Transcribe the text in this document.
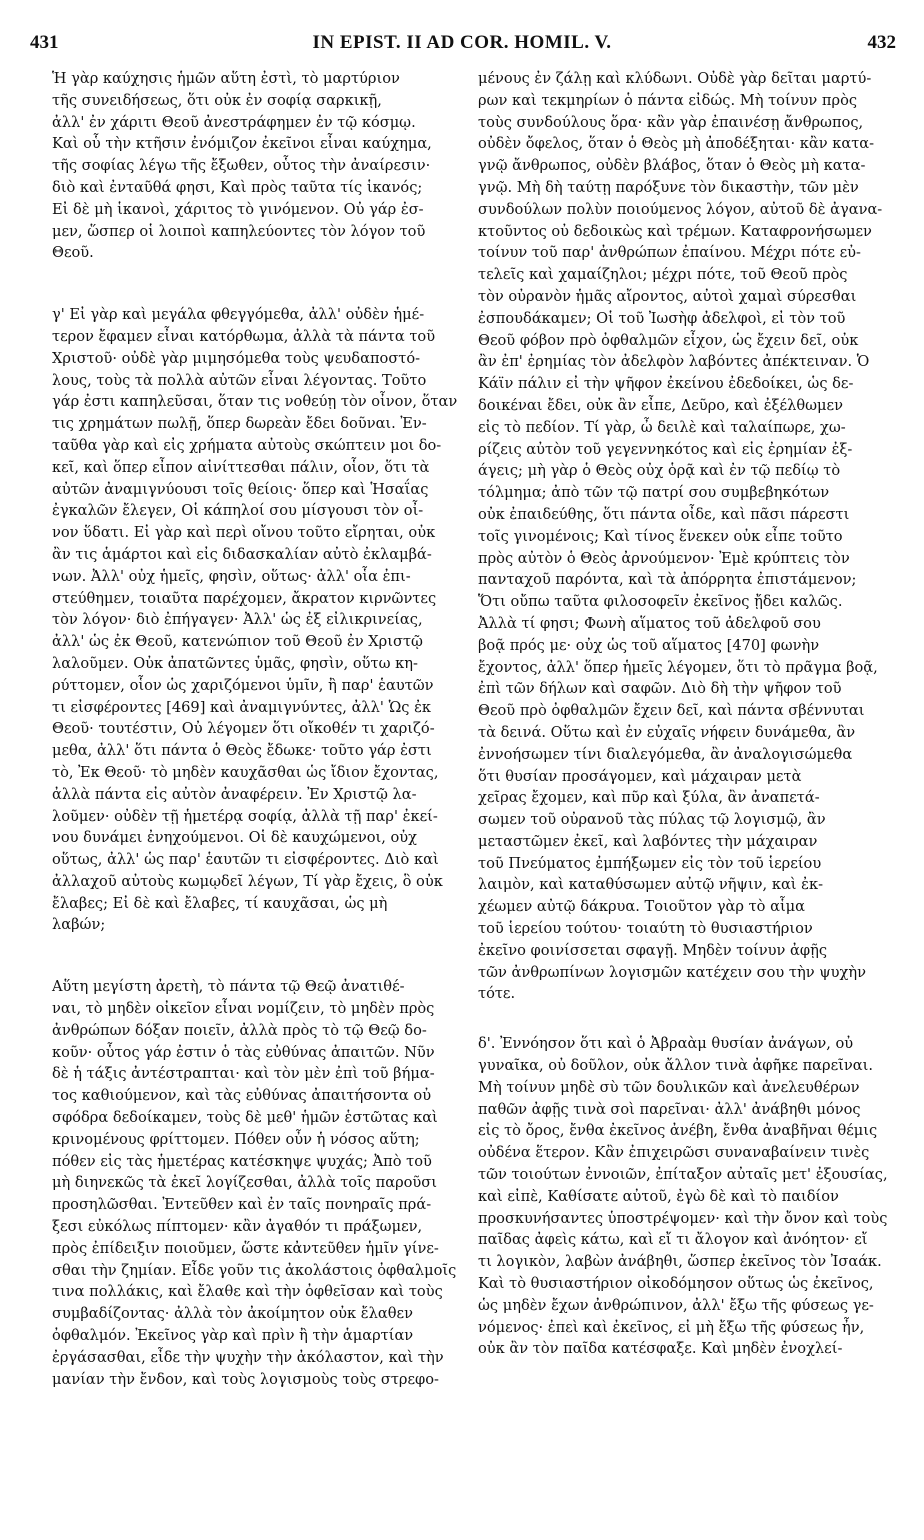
431	IN EPIST. II AD COR. HOMIL. V.	432

Ἡ γὰρ καύχησις ἡμῶν αὕτη ἐστὶ, τὸ μαρτύριον
τῆς συνειδήσεως, ὅτι οὐκ ἐν σοφίᾳ σαρκικῇ,
ἀλλ' ἐν χάριτι Θεοῦ ἀνεστράφημεν ἐν τῷ κόσμῳ.
Καὶ οὗ τὴν κτῆσιν ἐνόμιζον ἐκεῖνοι εἶναι καύχημα,
τῆς σοφίας λέγω τῆς ἔξωθεν, οὗτος τὴν ἀναίρεσιν·
διὸ καὶ ἐνταῦθά φησι, Καὶ πρὸς ταῦτα τίς ἱκανός;
Εἰ δὲ μὴ ἱκανοὶ, χάριτος τὸ γινόμενον. Οὐ γάρ ἐσ-
μεν, ὥσπερ οἱ λοιποὶ καπηλεύοντες τὸν λόγον τοῦ
Θεοῦ.

γ' Εἰ γὰρ καὶ μεγάλα φθεγγόμεθα, ἀλλ' οὐδὲν ἡμέ-
τερον ἔφαμεν εἶναι κατόρθωμα, ἀλλὰ τὰ πάντα τοῦ
Χριστοῦ· οὐδὲ γὰρ μιμησόμεθα τοὺς ψευδαποστό-
λους, τοὺς τὰ πολλὰ αὐτῶν εἶναι λέγοντας. Τοῦτο
γάρ ἐστι καπηλεῦσαι, ὅταν τις νοθεύῃ τὸν οἶνον, ὅταν
τις χρημάτων πωλῇ, ὅπερ δωρεὰν ἔδει δοῦναι. Ἐν-
ταῦθα γὰρ καὶ εἰς χρήματα αὐτοὺς σκώπτειν μοι δο-
κεῖ, καὶ ὅπερ εἶπον αἰνίττεσθαι πάλιν, οἷον, ὅτι τὰ
αὐτῶν ἀναμιγνύουσι τοῖς θείοις· ὅπερ καὶ Ἡσαΐας
ἐγκαλῶν ἔλεγεν, Οἱ κάπηλοί σου μίσγουσι τὸν οἶ-
νον ὕδατι. Εἰ γὰρ καὶ περὶ οἴνου τοῦτο εἴρηται, οὐκ
ἂν τις ἁμάρτοι καὶ εἰς διδασκαλίαν αὐτὸ ἐκλαμβά-
νων. Ἀλλ' οὐχ ἡμεῖς, φησὶν, οὕτως· ἀλλ' οἷα ἐπι-
στεύθημεν, τοιαῦτα παρέχομεν, ἄκρατον κιρνῶντες
τὸν λόγον· διὸ ἐπήγαγεν· Ἀλλ' ὡς ἐξ εἰλικρινείας,
ἀλλ' ὡς ἐκ Θεοῦ, κατενώπιον τοῦ Θεοῦ ἐν Χριστῷ
λαλοῦμεν. Οὐκ ἀπατῶντες ὑμᾶς, φησὶν, οὕτω κη-
ρύττομεν, οἷον ὡς χαριζόμενοι ὑμῖν, ἢ παρ' ἑαυτῶν
τι εἰσφέροντες [469] καὶ ἀναμιγνύντες, ἀλλ' Ὡς ἐκ
Θεοῦ· τουτέστιν, Οὐ λέγομεν ὅτι οἴκοθέν τι χαριζό-
μεθα, ἀλλ' ὅτι πάντα ὁ Θεὸς ἔδωκε· τοῦτο γάρ ἐστι
τὸ, Ἐκ Θεοῦ· τὸ μηδὲν καυχᾶσθαι ὡς ἴδιον ἔχοντας,
ἀλλὰ πάντα εἰς αὐτὸν ἀναφέρειν. Ἐν Χριστῷ λα-
λοῦμεν· οὐδὲν τῇ ἡμετέρᾳ σοφίᾳ, ἀλλὰ τῇ παρ' ἐκεί-
νου δυνάμει ἐνηχούμενοι. Οἱ δὲ καυχώμενοι, οὐχ
οὕτως, ἀλλ' ὡς παρ' ἑαυτῶν τι εἰσφέροντες. Διὸ καὶ
ἀλλαχοῦ αὐτοὺς κωμῳδεῖ λέγων, Τί γὰρ ἔχεις, ὃ οὐκ
ἔλαβες; Εἰ δὲ καὶ ἔλαβες, τί καυχᾶσαι, ὡς μὴ
λαβών;

Αὕτη μεγίστη ἀρετὴ, τὸ πάντα τῷ Θεῷ ἀνατιθέ-
ναι, τὸ μηδὲν οἰκεῖον εἶναι νομίζειν, τὸ μηδὲν πρὸς
ἀνθρώπων δόξαν ποιεῖν, ἀλλὰ πρὸς τὸ τῷ Θεῷ δο-
κοῦν· οὗτος γάρ ἐστιν ὁ τὰς εὐθύνας ἀπαιτῶν. Νῦν
δὲ ἡ τάξις ἀντέστραπται· καὶ τὸν μὲν ἐπὶ τοῦ βήμα-
τος καθιούμενον, καὶ τὰς εὐθύνας ἀπαιτήσοντα οὐ
σφόδρα δεδοίκαμεν, τοὺς δὲ μεθ' ἡμῶν ἑστῶτας καὶ
κρινομένους φρίττομεν. Πόθεν οὖν ἡ νόσος αὕτη;
πόθεν εἰς τὰς ἡμετέρας κατέσκηψε ψυχάς; Ἀπὸ τοῦ
μὴ διηνεκῶς τὰ ἐκεῖ λογίζεσθαι, ἀλλὰ τοῖς παροῦσι
προσηλῶσθαι. Ἐντεῦθεν καὶ ἐν ταῖς πονηραῖς πρά-
ξεσι εὐκόλως πίπτομεν· κἂν ἀγαθόν τι πράξωμεν,
πρὸς ἐπίδειξιν ποιοῦμεν, ὥστε κἀντεῦθεν ἡμῖν γίνε-
σθαι τὴν ζημίαν. Εἶδε γοῦν τις ἀκολάστοις ὀφθαλμοῖς
τινα πολλάκις, καὶ ἔλαθε καὶ τὴν ὀφθεῖσαν καὶ τοὺς
συμβαδίζοντας· ἀλλὰ τὸν ἀκοίμητον οὐκ ἔλαθεν
ὀφθαλμόν. Ἐκεῖνος γὰρ καὶ πρὶν ἢ τὴν ἁμαρτίαν
ἐργάσασθαι, εἶδε τὴν ψυχὴν τὴν ἀκόλαστον, καὶ τὴν
μανίαν τὴν ἔνδον, καὶ τοὺς λογισμοὺς τοὺς στρεφο-

μένους ἐν ζάλῃ καὶ κλύδωνι. Οὐδὲ γὰρ δεῖται μαρτύ-
ρων καὶ τεκμηρίων ὁ πάντα εἰδώς. Μὴ τοίνυν πρὸς
τοὺς συνδούλους ὅρα· κἂν γὰρ ἐπαινέσῃ ἄνθρωπος,
οὐδὲν ὄφελος, ὅταν ὁ Θεὸς μὴ ἀποδέξηται· κἂν κατα-
γνῷ ἄνθρωπος, οὐδὲν βλάβος, ὅταν ὁ Θεὸς μὴ κατα-
γνῷ. Μὴ δὴ ταύτῃ παρόξυνε τὸν δικαστὴν, τῶν μὲν
συνδούλων πολὺν ποιούμενος λόγον, αὐτοῦ δὲ ἀγανα-
κτοῦντος οὐ δεδοικὼς καὶ τρέμων. Καταφρονήσωμεν
τοίνυν τοῦ παρ' ἀνθρώπων ἐπαίνου. Μέχρι πότε εὐ-
τελεῖς καὶ χαμαίζηλοι; μέχρι πότε, τοῦ Θεοῦ πρὸς
τὸν οὐρανὸν ἡμᾶς αἴροντος, αὐτοὶ χαμαὶ σύρεσθαι
ἐσπουδάκαμεν; Οἱ τοῦ Ἰωσὴφ ἀδελφοὶ, εἰ τὸν τοῦ
Θεοῦ φόβον πρὸ ὀφθαλμῶν εἶχον, ὡς ἔχειν δεῖ, οὐκ
ἂν ἐπ' ἐρημίας τὸν ἀδελφὸν λαβόντες ἀπέκτειναν. Ὁ
Κάϊν πάλιν εἰ τὴν ψῆφον ἐκείνου ἐδεδοίκει, ὡς δε-
δοικέναι ἔδει, οὐκ ἂν εἶπε, Δεῦρο, καὶ ἐξέλθωμεν
εἰς τὸ πεδίον. Τί γὰρ, ὦ δειλὲ καὶ ταλαίπωρε, χω-
ρίζεις αὐτὸν τοῦ γεγεννηκότος καὶ εἰς ἐρημίαν ἐξ-
άγεις; μὴ γὰρ ὁ Θεὸς οὐχ ὁρᾷ καὶ ἐν τῷ πεδίῳ τὸ
τόλμημα; ἀπὸ τῶν τῷ πατρί σου συμβεβηκότων
οὐκ ἐπαιδεύθης, ὅτι πάντα οἶδε, καὶ πᾶσι πάρεστι
τοῖς γινομένοις; Καὶ τίνος ἕνεκεν οὐκ εἶπε τοῦτο
πρὸς αὐτὸν ὁ Θεὸς ἀρνούμενον· Ἐμὲ κρύπτεις τὸν
πανταχοῦ παρόντα, καὶ τὰ ἀπόρρητα ἐπιστάμενον;
Ὅτι οὔπω ταῦτα φιλοσοφεῖν ἐκεῖνος ᾔδει καλῶς.
Ἀλλὰ τί φησι; Φωνὴ αἵματος τοῦ ἀδελφοῦ σου
βοᾷ πρός με· οὐχ ὡς τοῦ αἵματος [470] φωνὴν
ἔχοντος, ἀλλ' ὅπερ ἡμεῖς λέγομεν, ὅτι τὸ πρᾶγμα βοᾷ,
ἐπὶ τῶν δήλων καὶ σαφῶν. Διὸ δὴ τὴν ψῆφον τοῦ
Θεοῦ πρὸ ὀφθαλμῶν ἔχειν δεῖ, καὶ πάντα σβέννυται
τὰ δεινά. Οὕτω καὶ ἐν εὐχαῖς νήφειν δυνάμεθα, ἂν
ἐννοήσωμεν τίνι διαλεγόμεθα, ἂν ἀναλογισώμεθα
ὅτι θυσίαν προσάγομεν, καὶ μάχαιραν μετὰ
χεῖρας ἔχομεν, καὶ πῦρ καὶ ξύλα, ἂν ἀναπετά-
σωμεν τοῦ οὐρανοῦ τὰς πύλας τῷ λογισμῷ, ἂν
μεταστῶμεν ἐκεῖ, καὶ λαβόντες τὴν μάχαιραν
τοῦ Πνεύματος ἐμπήξωμεν εἰς τὸν τοῦ ἱερείου
λαιμὸν, καὶ καταθύσωμεν αὐτῷ νῆψιν, καὶ ἐκ-
χέωμεν αὐτῷ δάκρυα. Τοιοῦτον γὰρ τὸ αἷμα
τοῦ ἱερείου τούτου· τοιαύτη τὸ θυσιαστήριον
ἐκεῖνο φοινίσσεται σφαγῇ. Μηδὲν τοίνυν ἀφῇς
τῶν ἀνθρωπίνων λογισμῶν κατέχειν σου τὴν ψυχὴν
τότε.

δ'. Ἐννόησον ὅτι καὶ ὁ Ἀβραὰμ θυσίαν ἀνάγων, οὐ
γυναῖκα, οὐ δοῦλον, οὐκ ἄλλον τινὰ ἀφῆκε παρεῖναι.
Μὴ τοίνυν μηδὲ σὺ τῶν δουλικῶν καὶ ἀνελευθέρων
παθῶν ἀφῇς τινὰ σοὶ παρεῖναι· ἀλλ' ἀνάβηθι μόνος
εἰς τὸ ὄρος, ἔνθα ἐκεῖνος ἀνέβη, ἔνθα ἀναβῆναι θέμις
οὐδένα ἕτερον. Κἂν ἐπιχειρῶσι συναναβαίνειν τινὲς
τῶν τοιούτων ἐννοιῶν, ἐπίταξον αὐταῖς μετ' ἐξουσίας,
καὶ εἰπὲ, Καθίσατε αὐτοῦ, ἐγὼ δὲ καὶ τὸ παιδίον
προσκυνήσαντες ὑποστρέψομεν· καὶ τὴν ὄνον καὶ τοὺς
παῖδας ἀφεὶς κάτω, καὶ εἴ τι ἄλογον καὶ ἀνόητον· εἴ
τι λογικὸν, λαβὼν ἀνάβηθι, ὥσπερ ἐκεῖνος τὸν Ἰσαάκ.
Καὶ τὸ θυσιαστήριον οἰκοδόμησον οὕτως ὡς ἐκεῖνος,
ὡς μηδὲν ἔχων ἀνθρώπινον, ἀλλ' ἔξω τῆς φύσεως γε-
νόμενος· ἐπεὶ καὶ ἐκεῖνος, εἰ μὴ ἔξω τῆς φύσεως ἦν,
οὐκ ἂν τὸν παῖδα κατέσφαξε. Καὶ μηδὲν ἐνοχλεί-
